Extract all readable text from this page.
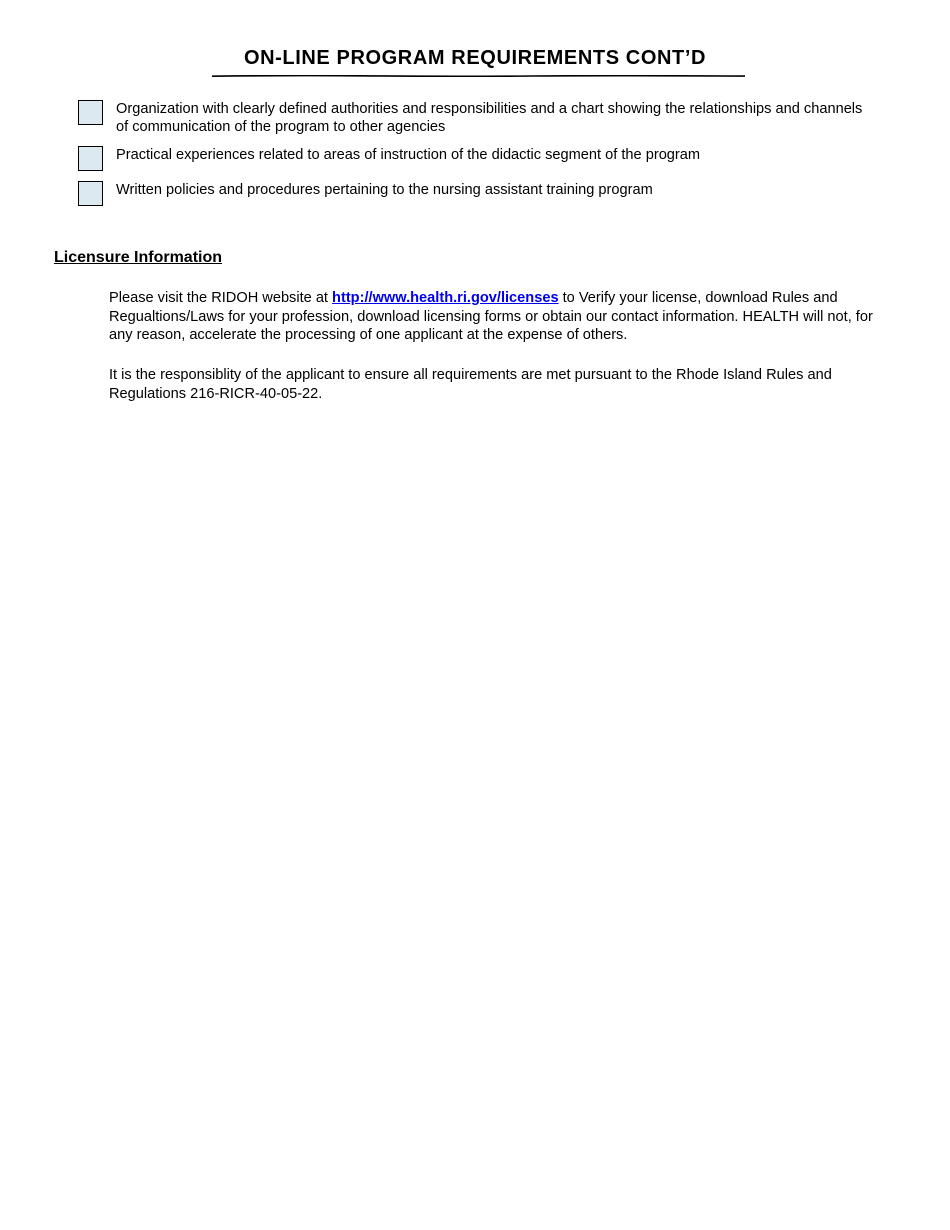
ON-LINE PROGRAM REQUIREMENTS CONT’D
Organization with clearly defined authorities and responsibilities and a chart showing the relationships and channels of communication of the program to other agencies
Practical experiences related to areas of instruction of the didactic segment of the program
Written policies and procedures pertaining to the nursing assistant training program
Licensure Information

Please visit the RIDOH website at http://www.health.ri.gov/licenses to Verify your license, download Rules and Regualtions/Laws for your profession, download licensing forms or obtain our contact information. HEALTH will not, for any reason, accelerate the processing of one applicant at the expense of others.

It is the responsiblity of the applicant to ensure all requirements are met pursuant to the Rhode Island Rules and Regulations 216-RICR-40-05-22.
